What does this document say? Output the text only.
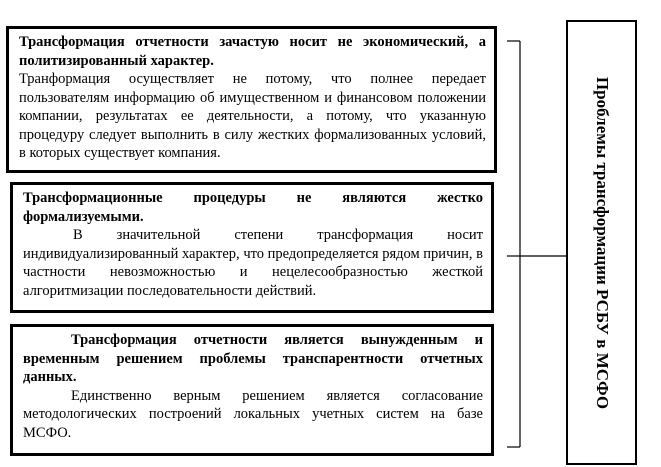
Трансформация отчетности зачастую носит не экономический, а политизированный характер.
Транформация осуществляет не потому, что полнее передает пользователям информацию об имущественном и финансовом положении компании, результатах ее деятельности, а потому, что указанную процедуру следует выполнить в силу жестких формализованных условий, в которых существует компания.
Трансформационные процедуры не являются жестко формализуемыми.
В значительной степени трансформация носит индивидуализированный характер, что предопределяется рядом причин, в частности невозможностью и нецелесообразностью жесткой алгоритмизации последовательности действий.
Трансформация отчетности является вынужденным и временным решением проблемы транспарентности отчетных данных.
Единственно верным решением является согласование методологических построений локальных учетных систем на базе МСФО.
Проблемы трансформации РСБУ в МСФО
